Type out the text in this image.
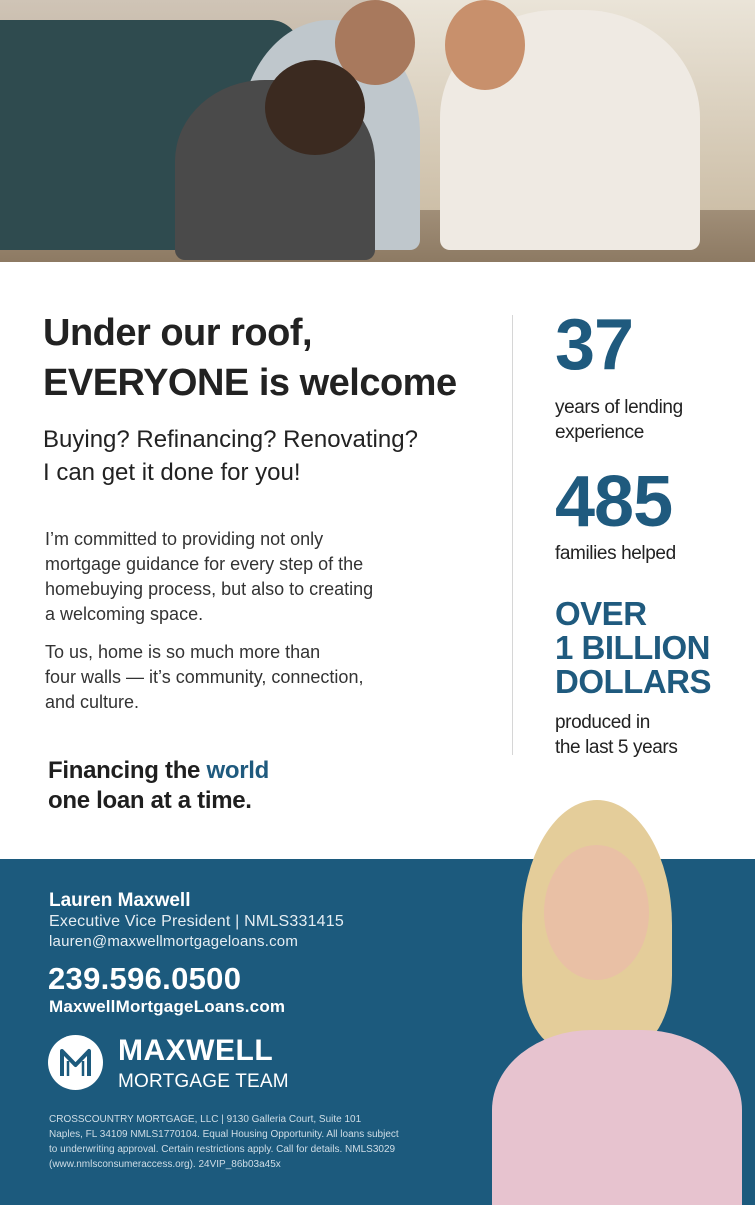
Under our roof,
EVERYONE is welcome

Buying? Refinancing? Renovating?
I can get it done for you!

I’m committed to providing not only
mortgage guidance for every step of the
homebuying process, but also to creating
a welcoming space.

To us, home is so much more than
four walls — it’s community, connection,
and culture.

Financing the world
one loan at a time.
37
years of lending
experience
485
families helped
OVER
1 BILLION
DOLLARS
produced in
the last 5 years
Lauren Maxwell
Executive Vice President | NMLS331415
lauren@maxwellmortgageloans.com
239.596.0500
MaxwellMortgageLoans.com
MAXWELL
MORTGAGE TEAM

CROSSCOUNTRY MORTGAGE, LLC | 9130 Galleria Court, Suite 101
Naples, FL 34109 NMLS1770104. Equal Housing Opportunity. All loans subject
to underwriting approval. Certain restrictions apply. Call for details. NMLS3029
(www.nmlsconsumeraccess.org). 24VIP_86b03a45x
